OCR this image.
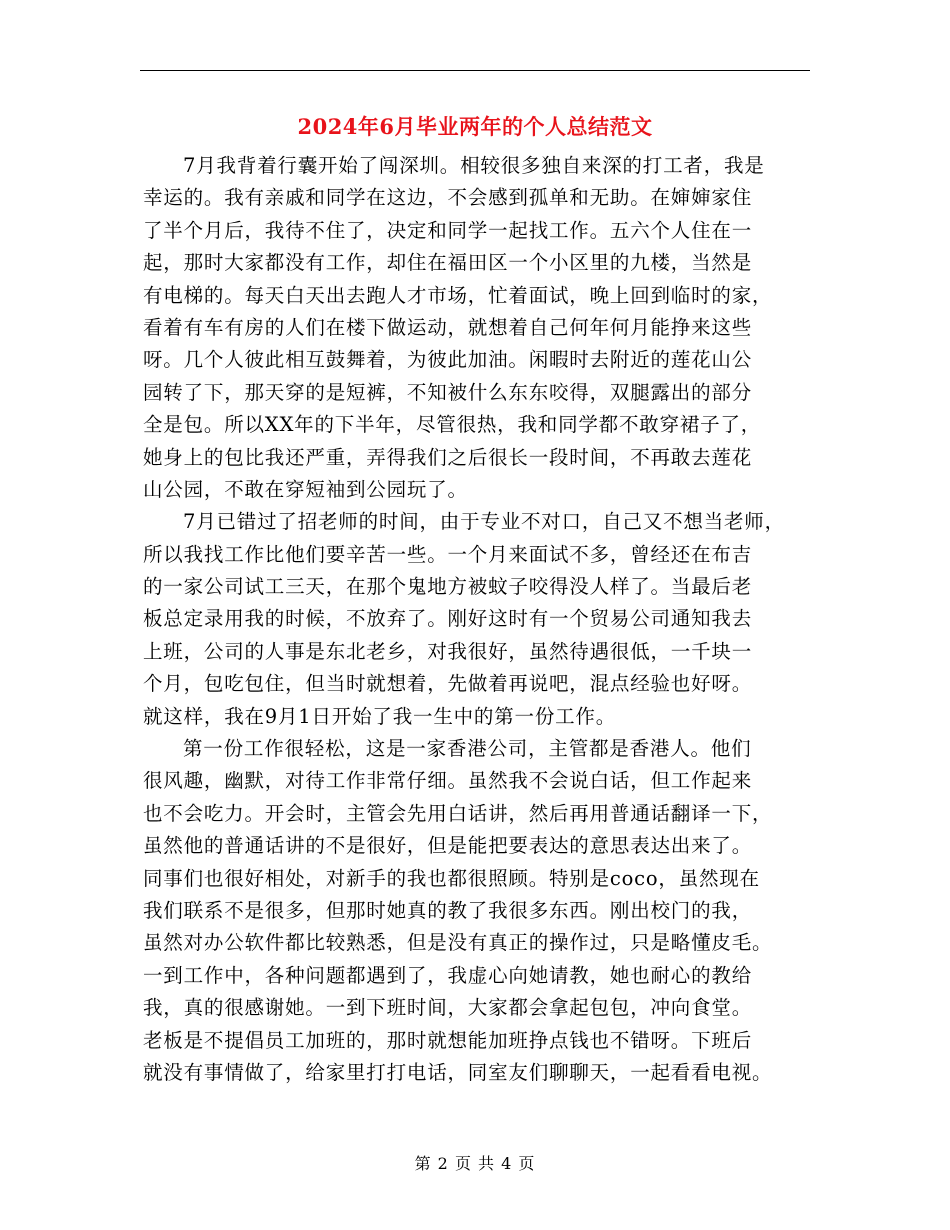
2024年6月毕业两年的个人总结范文
7月我背着行囊开始了闯深圳。相较很多独自来深的打工者，我是
幸运的。我有亲戚和同学在这边，不会感到孤单和无助。在婶婶家住
了半个月后，我待不住了，决定和同学一起找工作。五六个人住在一
起，那时大家都没有工作，却住在福田区一个小区里的九楼，当然是
有电梯的。每天白天出去跑人才市场，忙着面试，晚上回到临时的家，
看着有车有房的人们在楼下做运动，就想着自己何年何月能挣来这些
呀。几个人彼此相互鼓舞着，为彼此加油。闲暇时去附近的莲花山公
园转了下，那天穿的是短裤，不知被什么东东咬得，双腿露出的部分
全是包。所以XX年的下半年，尽管很热，我和同学都不敢穿裙子了，
她身上的包比我还严重，弄得我们之后很长一段时间，不再敢去莲花
山公园，不敢在穿短袖到公园玩了。
7月已错过了招老师的时间，由于专业不对口，自己又不想当老师，
所以我找工作比他们要辛苦一些。一个月来面试不多，曾经还在布吉
的一家公司试工三天，在那个鬼地方被蚊子咬得没人样了。当最后老
板总定录用我的时候，不放弃了。刚好这时有一个贸易公司通知我去
上班，公司的人事是东北老乡，对我很好，虽然待遇很低，一千块一
个月，包吃包住，但当时就想着，先做着再说吧，混点经验也好呀。
就这样，我在9月1日开始了我一生中的第一份工作。
第一份工作很轻松，这是一家香港公司，主管都是香港人。他们
很风趣，幽默，对待工作非常仔细。虽然我不会说白话，但工作起来
也不会吃力。开会时，主管会先用白话讲，然后再用普通话翻译一下，
虽然他的普通话讲的不是很好，但是能把要表达的意思表达出来了。
同事们也很好相处，对新手的我也都很照顾。特别是coco，虽然现在
我们联系不是很多，但那时她真的教了我很多东西。刚出校门的我，
虽然对办公软件都比较熟悉，但是没有真正的操作过，只是略懂皮毛。
一到工作中，各种问题都遇到了，我虚心向她请教，她也耐心的教给
我，真的很感谢她。一到下班时间，大家都会拿起包包，冲向食堂。
老板是不提倡员工加班的，那时就想能加班挣点钱也不错呀。下班后
就没有事情做了，给家里打打电话，同室友们聊聊天，一起看看电视。
第 2 页 共 4 页
